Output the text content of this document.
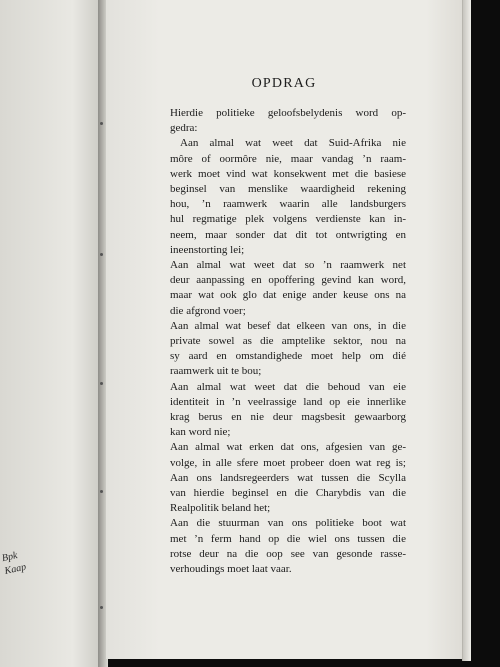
Bpk
Kaap
OPDRAG
Hierdie politieke geloofsbelydenis word op-
gedra:
Aan almal wat weet dat Suid-Afrika nie
môre of oormôre nie, maar vandag ’n raam-
werk moet vind wat konsekwent met die basiese
beginsel van menslike waardigheid rekening
hou, ’n raamwerk waarin alle landsburgers
hul regmatige plek volgens verdienste kan in-
neem, maar sonder dat dit tot ontwrigting en
ineenstorting lei;
Aan almal wat weet dat so ’n raamwerk net
deur aanpassing en opoffering gevind kan word,
maar wat ook glo dat enige ander keuse ons na
die afgrond voer;
Aan almal wat besef dat elkeen van ons, in die
private sowel as die amptelike sektor, nou na
sy aard en omstandighede moet help om dié
raamwerk uit te bou;
Aan almal wat weet dat die behoud van eie
identiteit in ’n veelrassige land op eie innerlike
krag berus en nie deur magsbesit gewaarborg
kan word nie;
Aan almal wat erken dat ons, afgesien van ge-
volge, in alle sfere moet probeer doen wat reg is;
Aan ons landsregeerders wat tussen die Scylla
van hierdie beginsel en die Charybdis van die
Realpolitik beland het;
Aan die stuurman van ons politieke boot wat
met ’n ferm hand op die wiel ons tussen die
rotse deur na die oop see van gesonde rasse-
verhoudings moet laat vaar.
